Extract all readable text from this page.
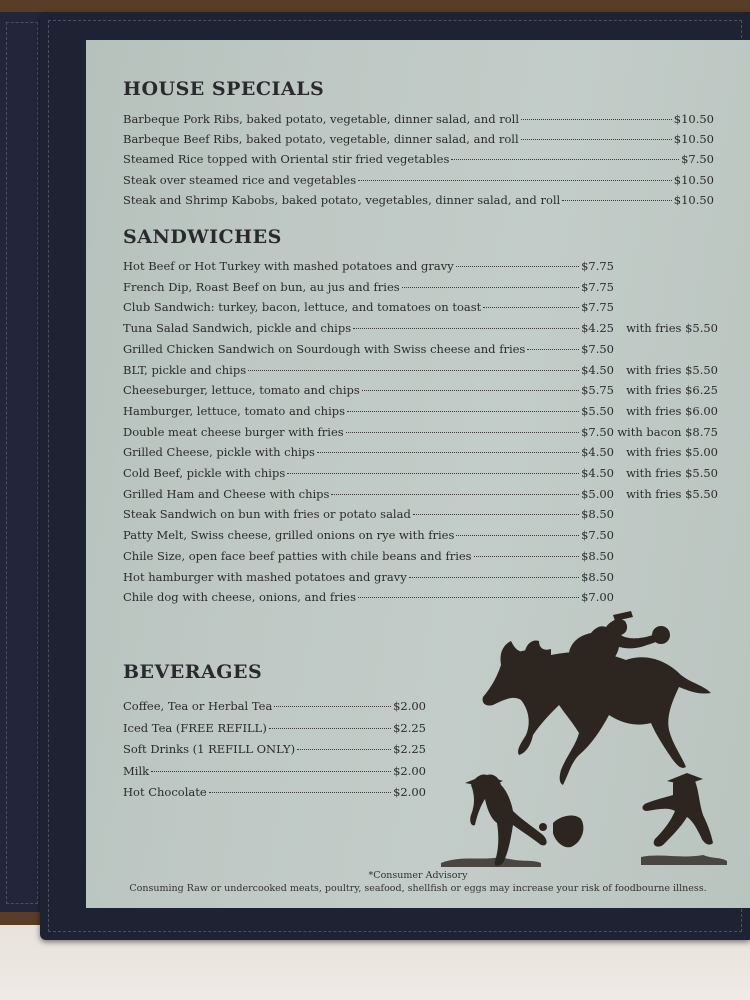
HOUSE SPECIALS
Barbeque Pork Ribs, baked potato, vegetable, dinner salad, and roll	$10.50
Barbeque Beef Ribs, baked potato, vegetable, dinner salad, and roll	$10.50
Steamed Rice topped with Oriental stir fried vegetables	$7.50
Steak over steamed rice and vegetables	$10.50
Steak and Shrimp Kabobs, baked potato, vegetables, dinner salad, and roll	$10.50
SANDWICHES
Hot Beef or Hot Turkey with mashed potatoes and gravy	$7.75
French Dip, Roast Beef on bun, au jus and fries	$7.75
Club Sandwich: turkey, bacon, lettuce, and tomatoes on toast	$7.75
Tuna Salad Sandwich, pickle and chips	$4.25 with fries $5.50
Grilled Chicken Sandwich on Sourdough with Swiss cheese and fries	$7.50
BLT, pickle and chips	$4.50 with fries $5.50
Cheeseburger, lettuce, tomato and chips	$5.75 with fries $6.25
Hamburger, lettuce, tomato and chips	$5.50 with fries $6.00
Double meat cheese burger with fries	$7.50 with bacon $8.75
Grilled Cheese, pickle with chips	$4.50 with fries $5.00
Cold Beef, pickle with chips	$4.50 with fries $5.50
Grilled Ham and Cheese with chips	$5.00 with fries $5.50
Steak Sandwich on bun with fries or potato salad	$8.50
Patty Melt, Swiss cheese, grilled onions on rye with fries	$7.50
Chile Size, open face beef patties with chile beans and fries	$8.50
Hot hamburger with mashed potatoes and gravy	$8.50
Chile dog with cheese, onions, and fries	$7.00
BEVERAGES
Coffee, Tea or Herbal Tea	$2.00
Iced Tea (FREE REFILL)	$2.25
Soft Drinks (1 REFILL ONLY)	$2.25
Milk	$2.00
Hot Chocolate	$2.00
*Consumer Advisory
Consuming Raw or undercooked meats, poultry, seafood, shellfish or eggs may increase your risk of foodbourne illness.
